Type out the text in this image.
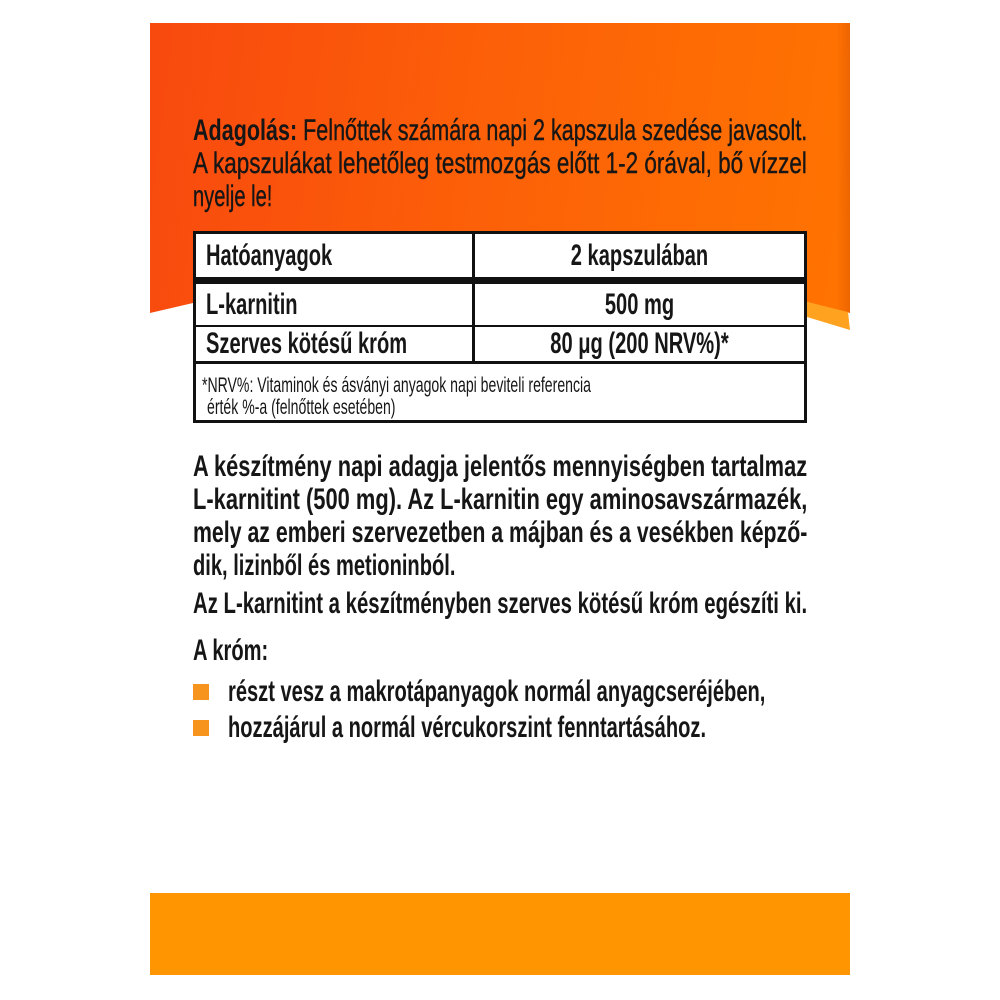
Adagolás: Felnőttek számára napi 2 kapszula szedése javasolt.
A kapszulákat lehetőleg testmozgás előtt 1-2 órával, bő vízzel
nyelje le!
Hatóanyagok	2 kapszulában
L-karnitin	500 mg
Szerves kötésű króm	80 μg (200 NRV%)*
*NRV%: Vitaminok és ásványi anyagok napi beviteli referencia
érték %-a (felnőttek esetében)
A készítmény napi adagja jelentős mennyiségben tartalmaz
L-karnitint (500 mg). Az L-karnitin egy aminosavszármazék,
mely az emberi szervezetben a májban és a vesékben képző-
dik, lizinből és metioninból.
Az L-karnitint a készítményben szerves kötésű króm egészíti ki.
A króm:
részt vesz a makrotápanyagok normál anyagcseréjében,
hozzájárul a normál vércukorszint fenntartásához.
